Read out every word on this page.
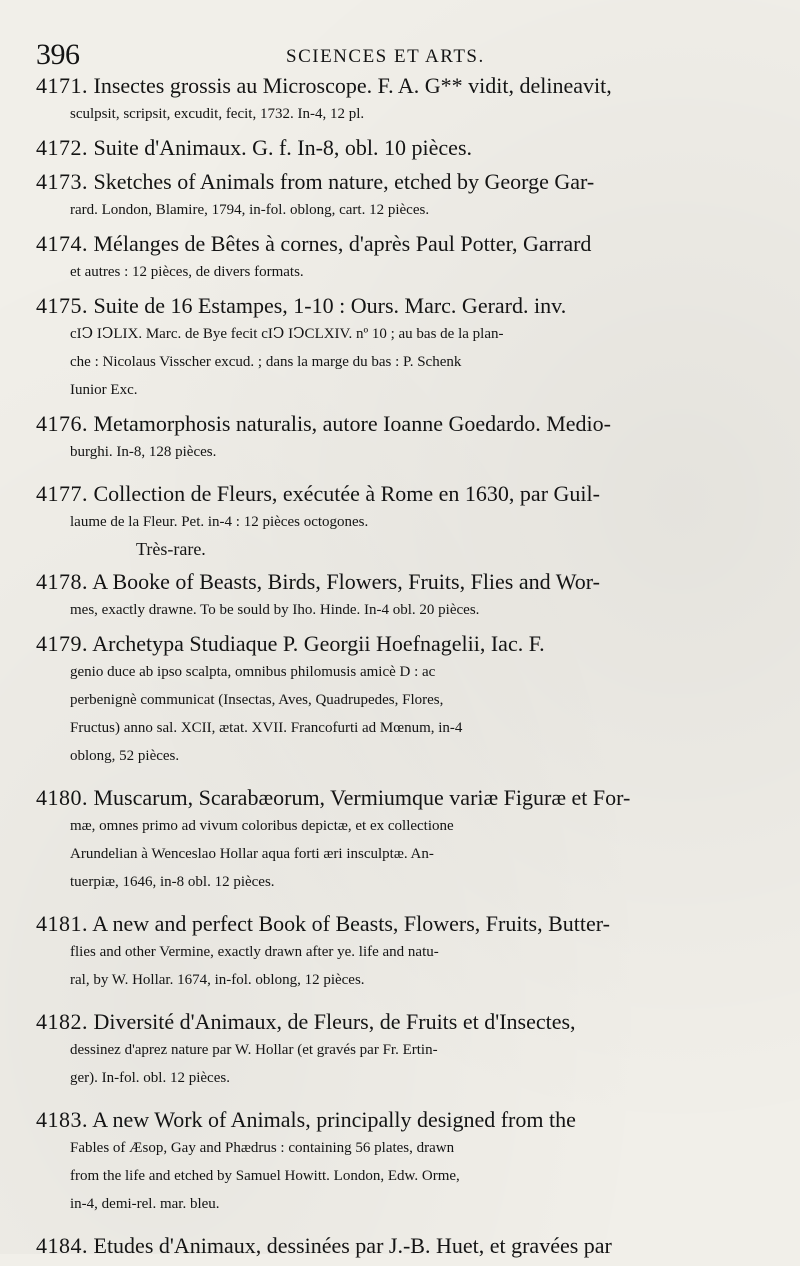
396	SCIENCES ET ARTS.
4171. Insectes grossis au Microscope. F. A. G** vidit, delineavit,
sculpsit, scripsit, excudit, fecit, 1732. In-4, 12 pl.
4172. Suite d'Animaux. G. f. In-8, obl. 10 pièces.
4173. Sketches of Animals from nature, etched by George Gar-
rard. London, Blamire, 1794, in-fol. oblong, cart. 12 pièces.
4174. Mélanges de Bêtes à cornes, d'après Paul Potter, Garrard
et autres : 12 pièces, de divers formats.
4175. Suite de 16 Estampes, 1-10 : Ours. Marc. Gerard. inv.
cIↃ IↃLIX. Marc. de Bye fecit cIↃ IↃCLXIV. nº 10 ; au bas de la plan-
che : Nicolaus Visscher excud. ; dans la marge du bas : P. Schenk
Iunior Exc.
4176. Metamorphosis naturalis, autore Ioanne Goedardo. Medio-
burghi. In-8, 128 pièces.
4177. Collection de Fleurs, exécutée à Rome en 1630, par Guil-
laume de la Fleur. Pet. in-4 : 12 pièces octogones.
Très-rare.
4178. A Booke of Beasts, Birds, Flowers, Fruits, Flies and Wor-
mes, exactly drawne. To be sould by Iho. Hinde. In-4 obl. 20 pièces.
4179. Archetypa Studiaque P. Georgii Hoefnagelii, Iac. F.
genio duce ab ipso scalpta, omnibus philomusis amicè D : ac
perbenignè communicat (Insectas, Aves, Quadrupedes, Flores,
Fructus) anno sal. XCII, ætat. XVII. Francofurti ad Mœnum, in-4
oblong, 52 pièces.
4180. Muscarum, Scarabæorum, Vermiumque variæ Figuræ et For-
mæ, omnes primo ad vivum coloribus depictæ, et ex collectione
Arundelian à Wenceslao Hollar aqua forti æri insculptæ. An-
tuerpiæ, 1646, in-8 obl. 12 pièces.
4181. A new and perfect Book of Beasts, Flowers, Fruits, Butter-
flies and other Vermine, exactly drawn after ye. life and natu-
ral, by W. Hollar. 1674, in-fol. oblong, 12 pièces.
4182. Diversité d'Animaux, de Fleurs, de Fruits et d'Insectes,
dessinez d'aprez nature par W. Hollar (et gravés par Fr. Ertin-
ger). In-fol. obl. 12 pièces.
4183. A new Work of Animals, principally designed from the
Fables of Æsop, Gay and Phædrus : containing 56 plates, drawn
from the life and etched by Samuel Howitt. London, Edw. Orme,
in-4, demi-rel. mar. bleu.
4184. Etudes d'Animaux, dessinées par J.-B. Huet, et gravées par
